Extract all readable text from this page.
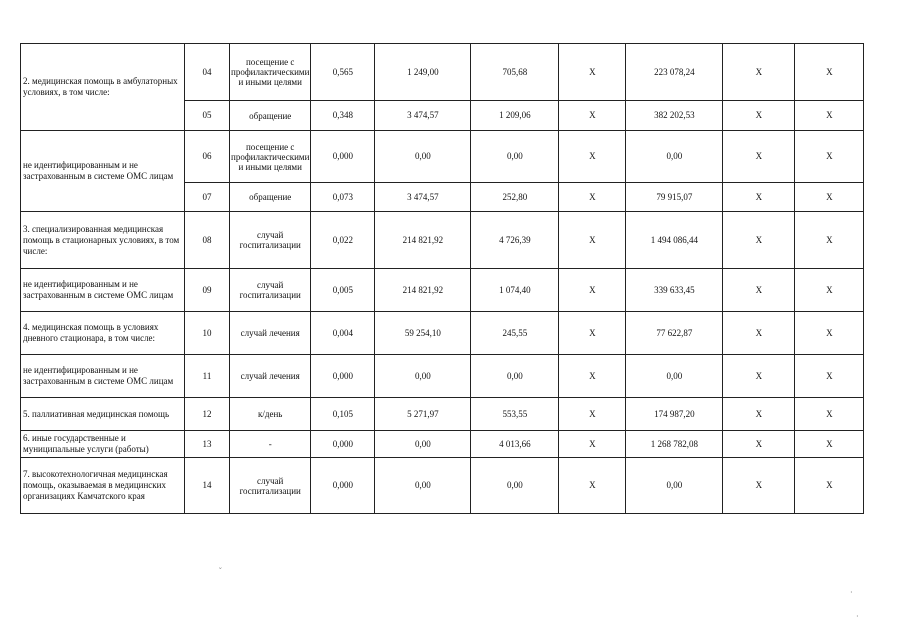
2. медицинская помощь в амбулаторных условиях, в том числе:	04	посещение с профилактическими и иными целями	0,565	1 249,00	705,68	X	223 078,24	X	X
	05	обращение	0,348	3 474,57	1 209,06	X	382 202,53	X	X
не идентифицированным и не застрахованным в системе ОМС лицам	06	посещение с профилактическими и иными целями	0,000	0,00	0,00	X	0,00	X	X
	07	обращение	0,073	3 474,57	252,80	X	79 915,07	X	X
3. специализированная медицинская помощь в стационарных условиях, в том числе:	08	случай госпитализации	0,022	214 821,92	4 726,39	X	1 494 086,44	X	X
не идентифицированным и не застрахованным в системе ОМС лицам	09	случай госпитализации	0,005	214 821,92	1 074,40	X	339 633,45	X	X
4. медицинская помощь в условиях дневного стационара, в том числе:	10	случай лечения	0,004	59 254,10	245,55	X	77 622,87	X	X
не идентифицированным и не застрахованным в системе ОМС лицам	11	случай лечения	0,000	0,00	0,00	X	0,00	X	X
5. паллиативная медицинская помощь	12	к/день	0,105	5 271,97	553,55	X	174 987,20	X	X
6. иные государственные и муниципальные услуги (работы)	13	-	0,000	0,00	4 013,66	X	1 268 782,08	X	X
7. высокотехнологичная медицинская помощь, оказываемая в медицинских организациях Камчатского края	14	случай госпитализации	0,000	0,00	0,00	X	0,00	X	X
˘
·
·
